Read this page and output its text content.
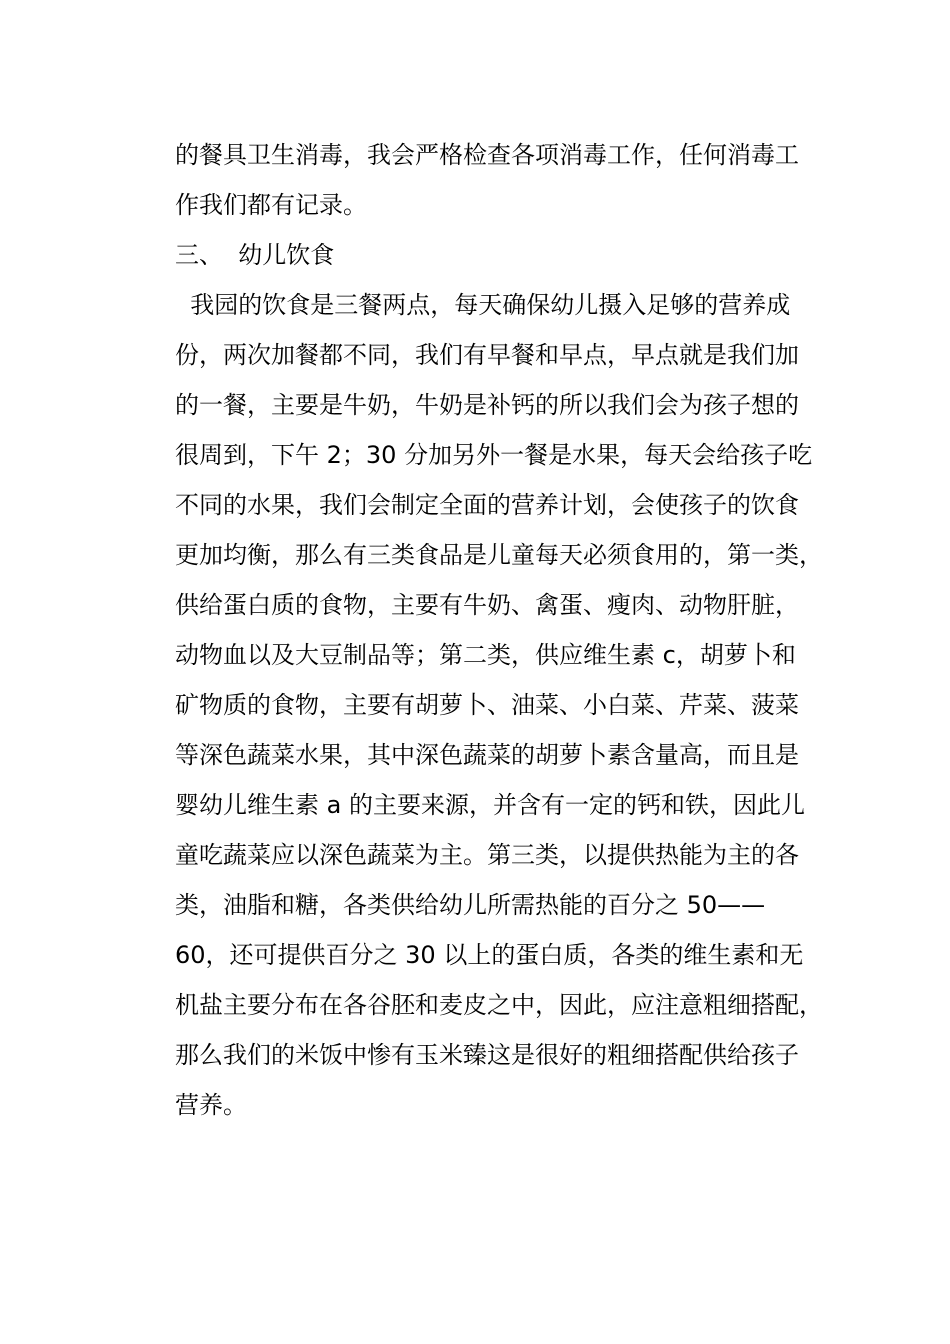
的餐具卫生消毒，我会严格检查各项消毒工作，任何消毒工
作我们都有记录。
三、  幼儿饮食
我园的饮食是三餐两点，每天确保幼儿摄入足够的营养成
份，两次加餐都不同，我们有早餐和早点，早点就是我们加
的一餐，主要是牛奶，牛奶是补钙的所以我们会为孩子想的
很周到，下午 2；30 分加另外一餐是水果，每天会给孩子吃
不同的水果，我们会制定全面的营养计划，会使孩子的饮食
更加均衡，那么有三类食品是儿童每天必须食用的，第一类，
供给蛋白质的食物，主要有牛奶、禽蛋、瘦肉、动物肝脏，
动物血以及大豆制品等；第二类，供应维生素 c，胡萝卜和
矿物质的食物，主要有胡萝卜、油菜、小白菜、芹菜、菠菜
等深色蔬菜水果，其中深色蔬菜的胡萝卜素含量高，而且是
婴幼儿维生素 a 的主要来源，并含有一定的钙和铁，因此儿
童吃蔬菜应以深色蔬菜为主。第三类，以提供热能为主的各
类，油脂和糖，各类供给幼儿所需热能的百分之 50——
60，还可提供百分之 30 以上的蛋白质，各类的维生素和无
机盐主要分布在各谷胚和麦皮之中，因此，应注意粗细搭配，
那么我们的米饭中惨有玉米臻这是很好的粗细搭配供给孩子
营养。
